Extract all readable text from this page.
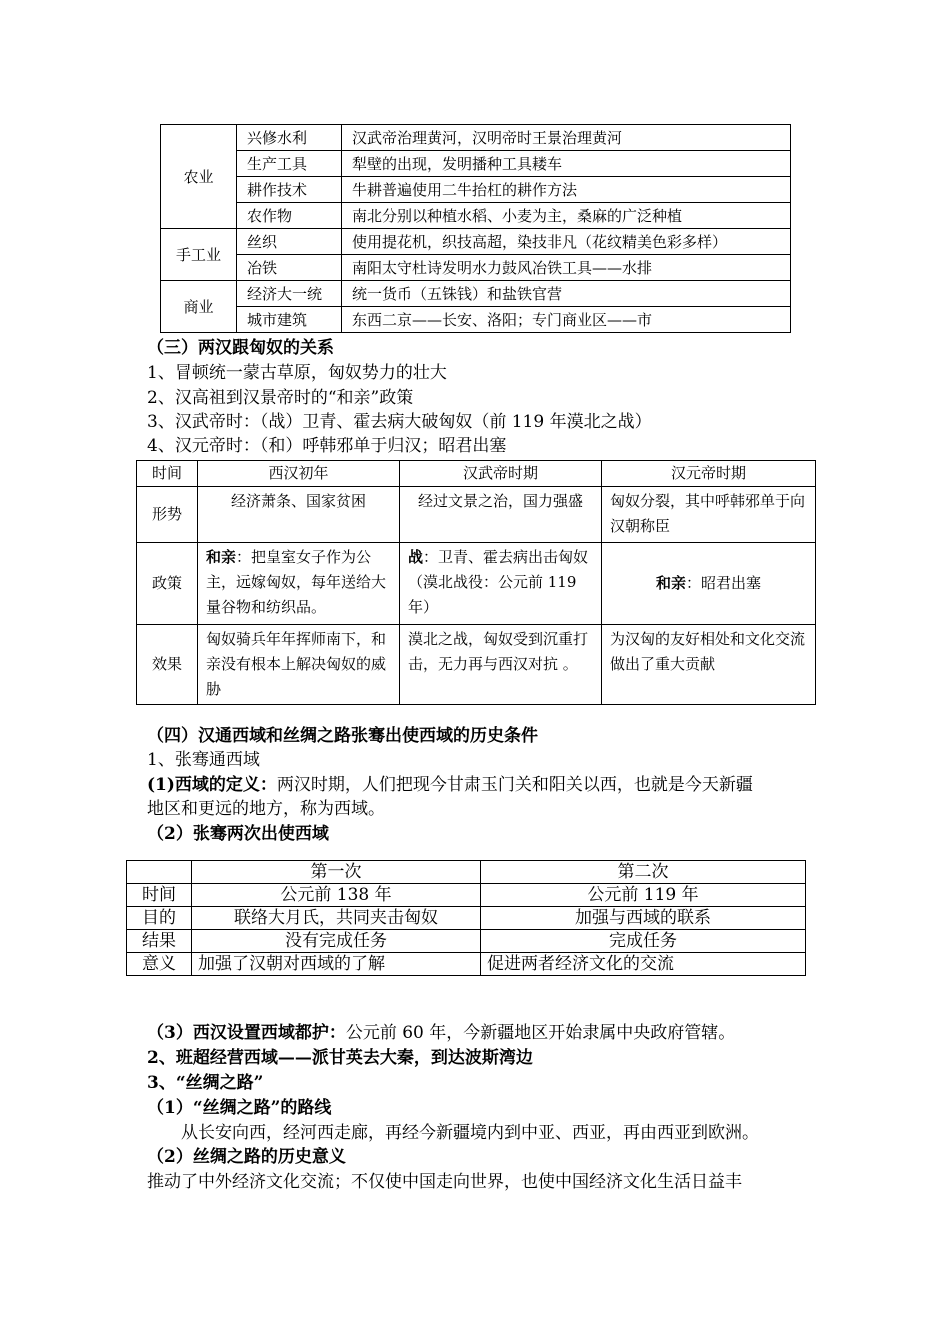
农业	兴修水利	汉武帝治理黄河，汉明帝时王景治理黄河
	生产工具	犁壁的出现，发明播种工具耧车
	耕作技术	牛耕普遍使用二牛抬杠的耕作方法
	农作物	南北分别以种植水稻、小麦为主，桑麻的广泛种植
手工业	丝织	使用提花机，织技高超，染技非凡（花纹精美色彩多样）
	冶铁	南阳太守杜诗发明水力鼓风冶铁工具——水排
商业	经济大一统	统一货币（五铢钱）和盐铁官营
	城市建筑	东西二京——长安、洛阳；专门商业区——市
（三）两汉跟匈奴的关系
1、冒顿统一蒙古草原，匈奴势力的壮大
2、汉高祖到汉景帝时的“和亲”政策
3、汉武帝时：（战）卫青、霍去病大破匈奴（前 119 年漠北之战）
4、汉元帝时：（和）呼韩邪单于归汉；昭君出塞
时间	西汉初年	汉武帝时期	汉元帝时期
形势	经济萧条、国家贫困	经过文景之治，国力强盛	匈奴分裂，其中呼韩邪单于向汉朝称臣
政策	和亲：把皇室女子作为公主，远嫁匈奴，每年送给大量谷物和纺织品。	战：卫青、霍去病出击匈奴（漠北战役：公元前 119 年）	和亲：昭君出塞
效果	匈奴骑兵年年挥师南下，和亲没有根本上解决匈奴的威胁	漠北之战，匈奴受到沉重打击，无力再与西汉对抗 。	为汉匈的友好相处和文化交流做出了重大贡献
（四）汉通西域和丝绸之路张骞出使西域的历史条件
1、张骞通西域
(1)西域的定义：两汉时期，人们把现今甘肃玉门关和阳关以西，也就是今天新疆
地区和更远的地方，称为西域。
（2）张骞两次出使西域
	第一次	第二次
时间	公元前 138 年	公元前 119 年
目的	联络大月氏，共同夹击匈奴	加强与西域的联系
结果	没有完成任务	完成任务
意义	加强了汉朝对西域的了解	促进两者经济文化的交流
（3）西汉设置西域都护：公元前 60 年，今新疆地区开始隶属中央政府管辖。
2、班超经营西域——派甘英去大秦，到达波斯湾边
3、“丝绸之路”
（1）“丝绸之路”的路线
从长安向西，经河西走廊，再经今新疆境内到中亚、西亚，再由西亚到欧洲。
（2）丝绸之路的历史意义
推动了中外经济文化交流；不仅使中国走向世界，也使中国经济文化生活日益丰
